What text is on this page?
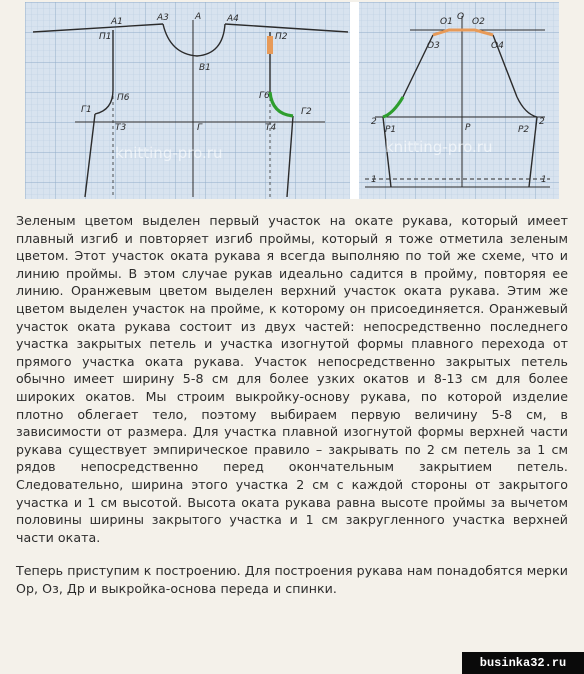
A1	A3	A	A4
П1	П2
В1
П6	Г6
Г1
Т3	Г	Т4
Г2
knitting-pro.ru
О1 О О2
О3	О4
Р
Р1	Р2
2	2
1	1
knitting-pro.ru

Зеленым цветом выделен первый участок на окате рукава, который имеет плавный изгиб и повторяет изгиб проймы, который я тоже отметила зеленым цветом. Этот участок оката рукава я всегда выполняю по той же схеме, что и линию проймы. В этом случае рукав идеально садится в пройму, повторяя ее линию. Оранжевым цветом выделен верхний участок оката рукава. Этим же цветом выделен участок на пройме, к которому он присоединяется. Оранжевый участок оката рукава состоит из двух частей: непосредственно последнего участка закрытых петель и участка изогнутой формы плавного перехода от прямого участка оката рукава. Участок непосредственно закрытых петель обычно имеет ширину 5-8 см для более узких окатов и 8-13 см для более широких окатов. Мы строим выкройку-основу рукава, по которой изделие плотно облегает тело, поэтому выбираем первую величину 5-8 см, в зависимости от размера. Для участка плавной изогнутой формы верхней части рукава существует эмпирическое правило – закрывать по 2 см петель за 1 см рядов непосредственно перед окончательным закрытием петель. Следовательно, ширина этого участка 2 см с каждой стороны от закрытого участка и 1 см высотой. Высота оката рукава равна высоте проймы за вычетом половины ширины закрытого участка и 1 см закругленного участка верхней части оката.

Теперь приступим к построению. Для построения рукава нам понадобятся мерки Ор, Оз, Др и выкройка-основа переда и спинки.

businka32.ru
